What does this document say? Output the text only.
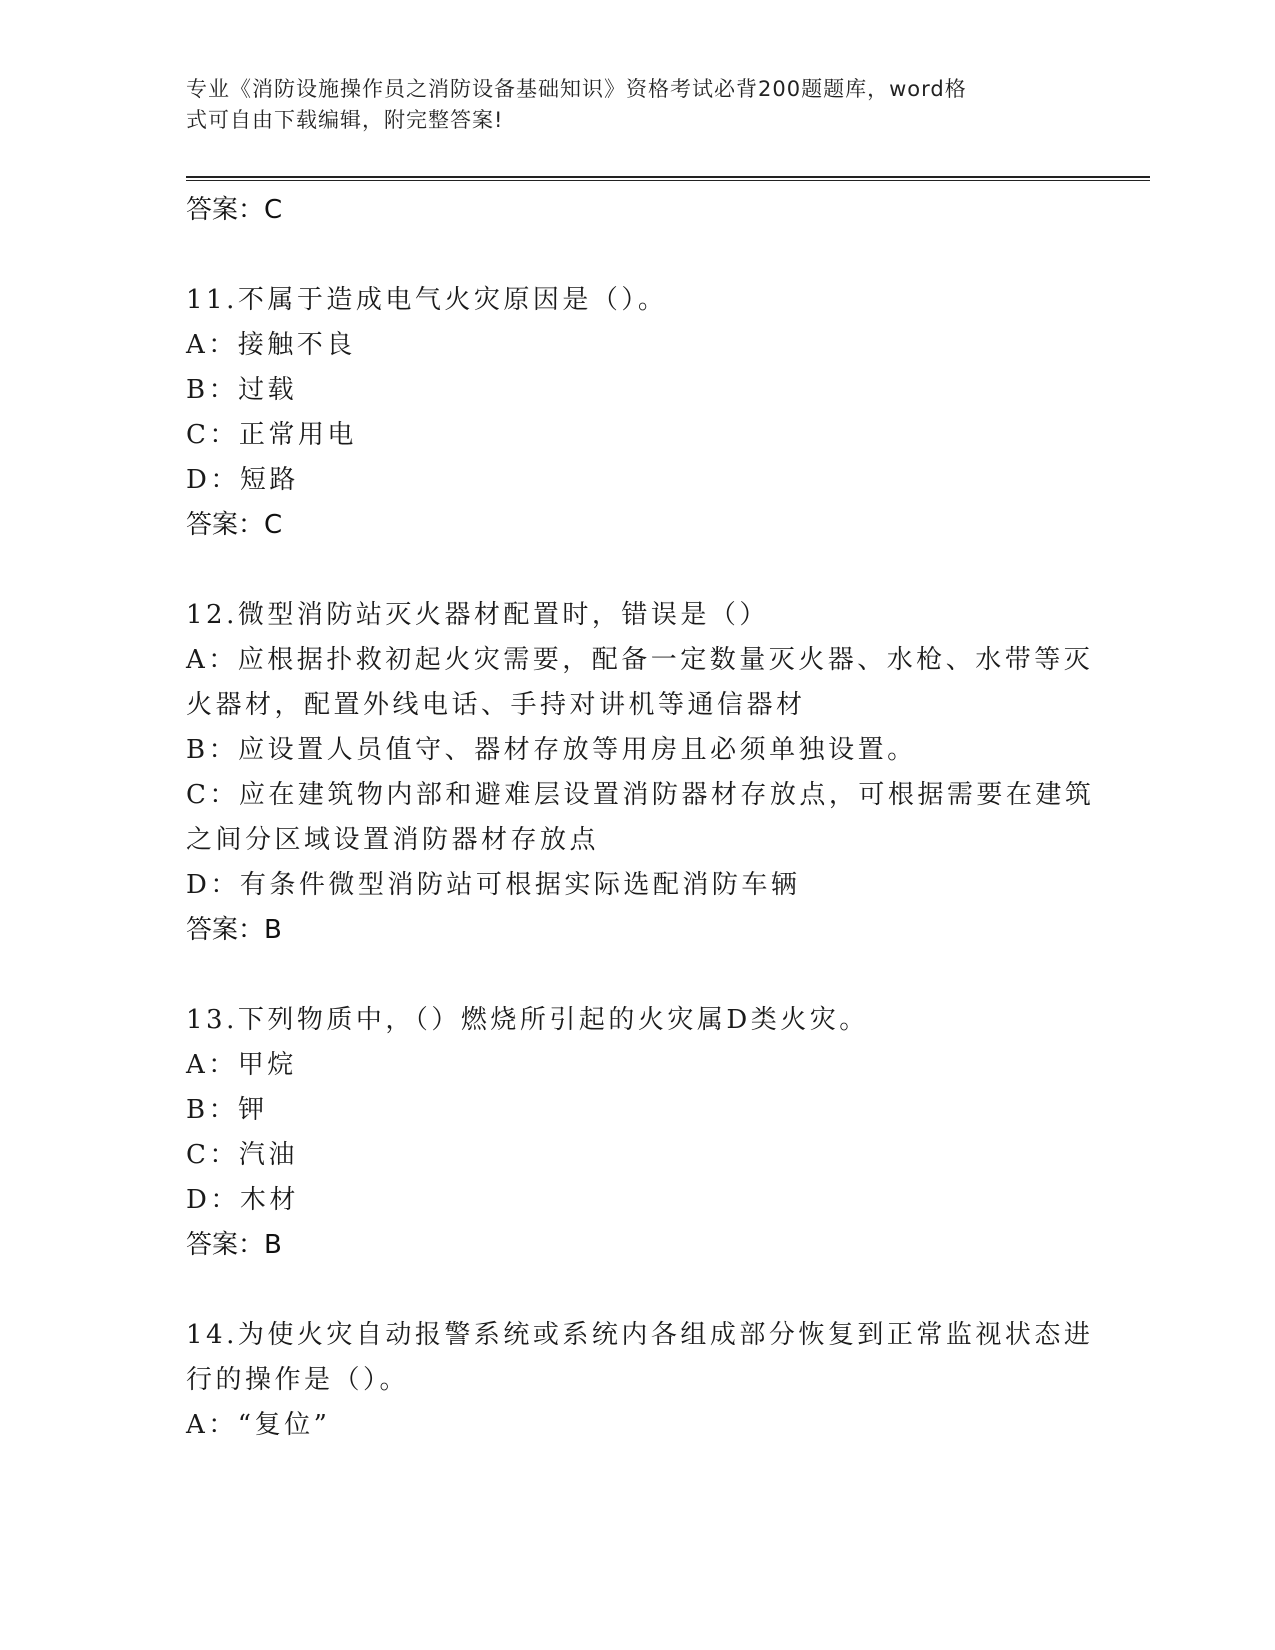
专业《消防设施操作员之消防设备基础知识》资格考试必背200题题库，word格
式可自由下载编辑，附完整答案!
答案：C
11.不属于造成电气火灾原因是（）。
A：接触不良
B：过载
C：正常用电
D：短路
答案：C
12.微型消防站灭火器材配置时，错误是（）
A：应根据扑救初起火灾需要，配备一定数量灭火器、水枪、水带等灭
火器材，配置外线电话、手持对讲机等通信器材
B：应设置人员值守、器材存放等用房且必须单独设置。
C：应在建筑物内部和避难层设置消防器材存放点，可根据需要在建筑
之间分区域设置消防器材存放点
D：有条件微型消防站可根据实际选配消防车辆
答案：B
13.下列物质中，（）燃烧所引起的火灾属D类火灾。
A：甲烷
B：钾
C：汽油
D：木材
答案：B
14.为使火灾自动报警系统或系统内各组成部分恢复到正常监视状态进
行的操作是（）。
A：“复位”
